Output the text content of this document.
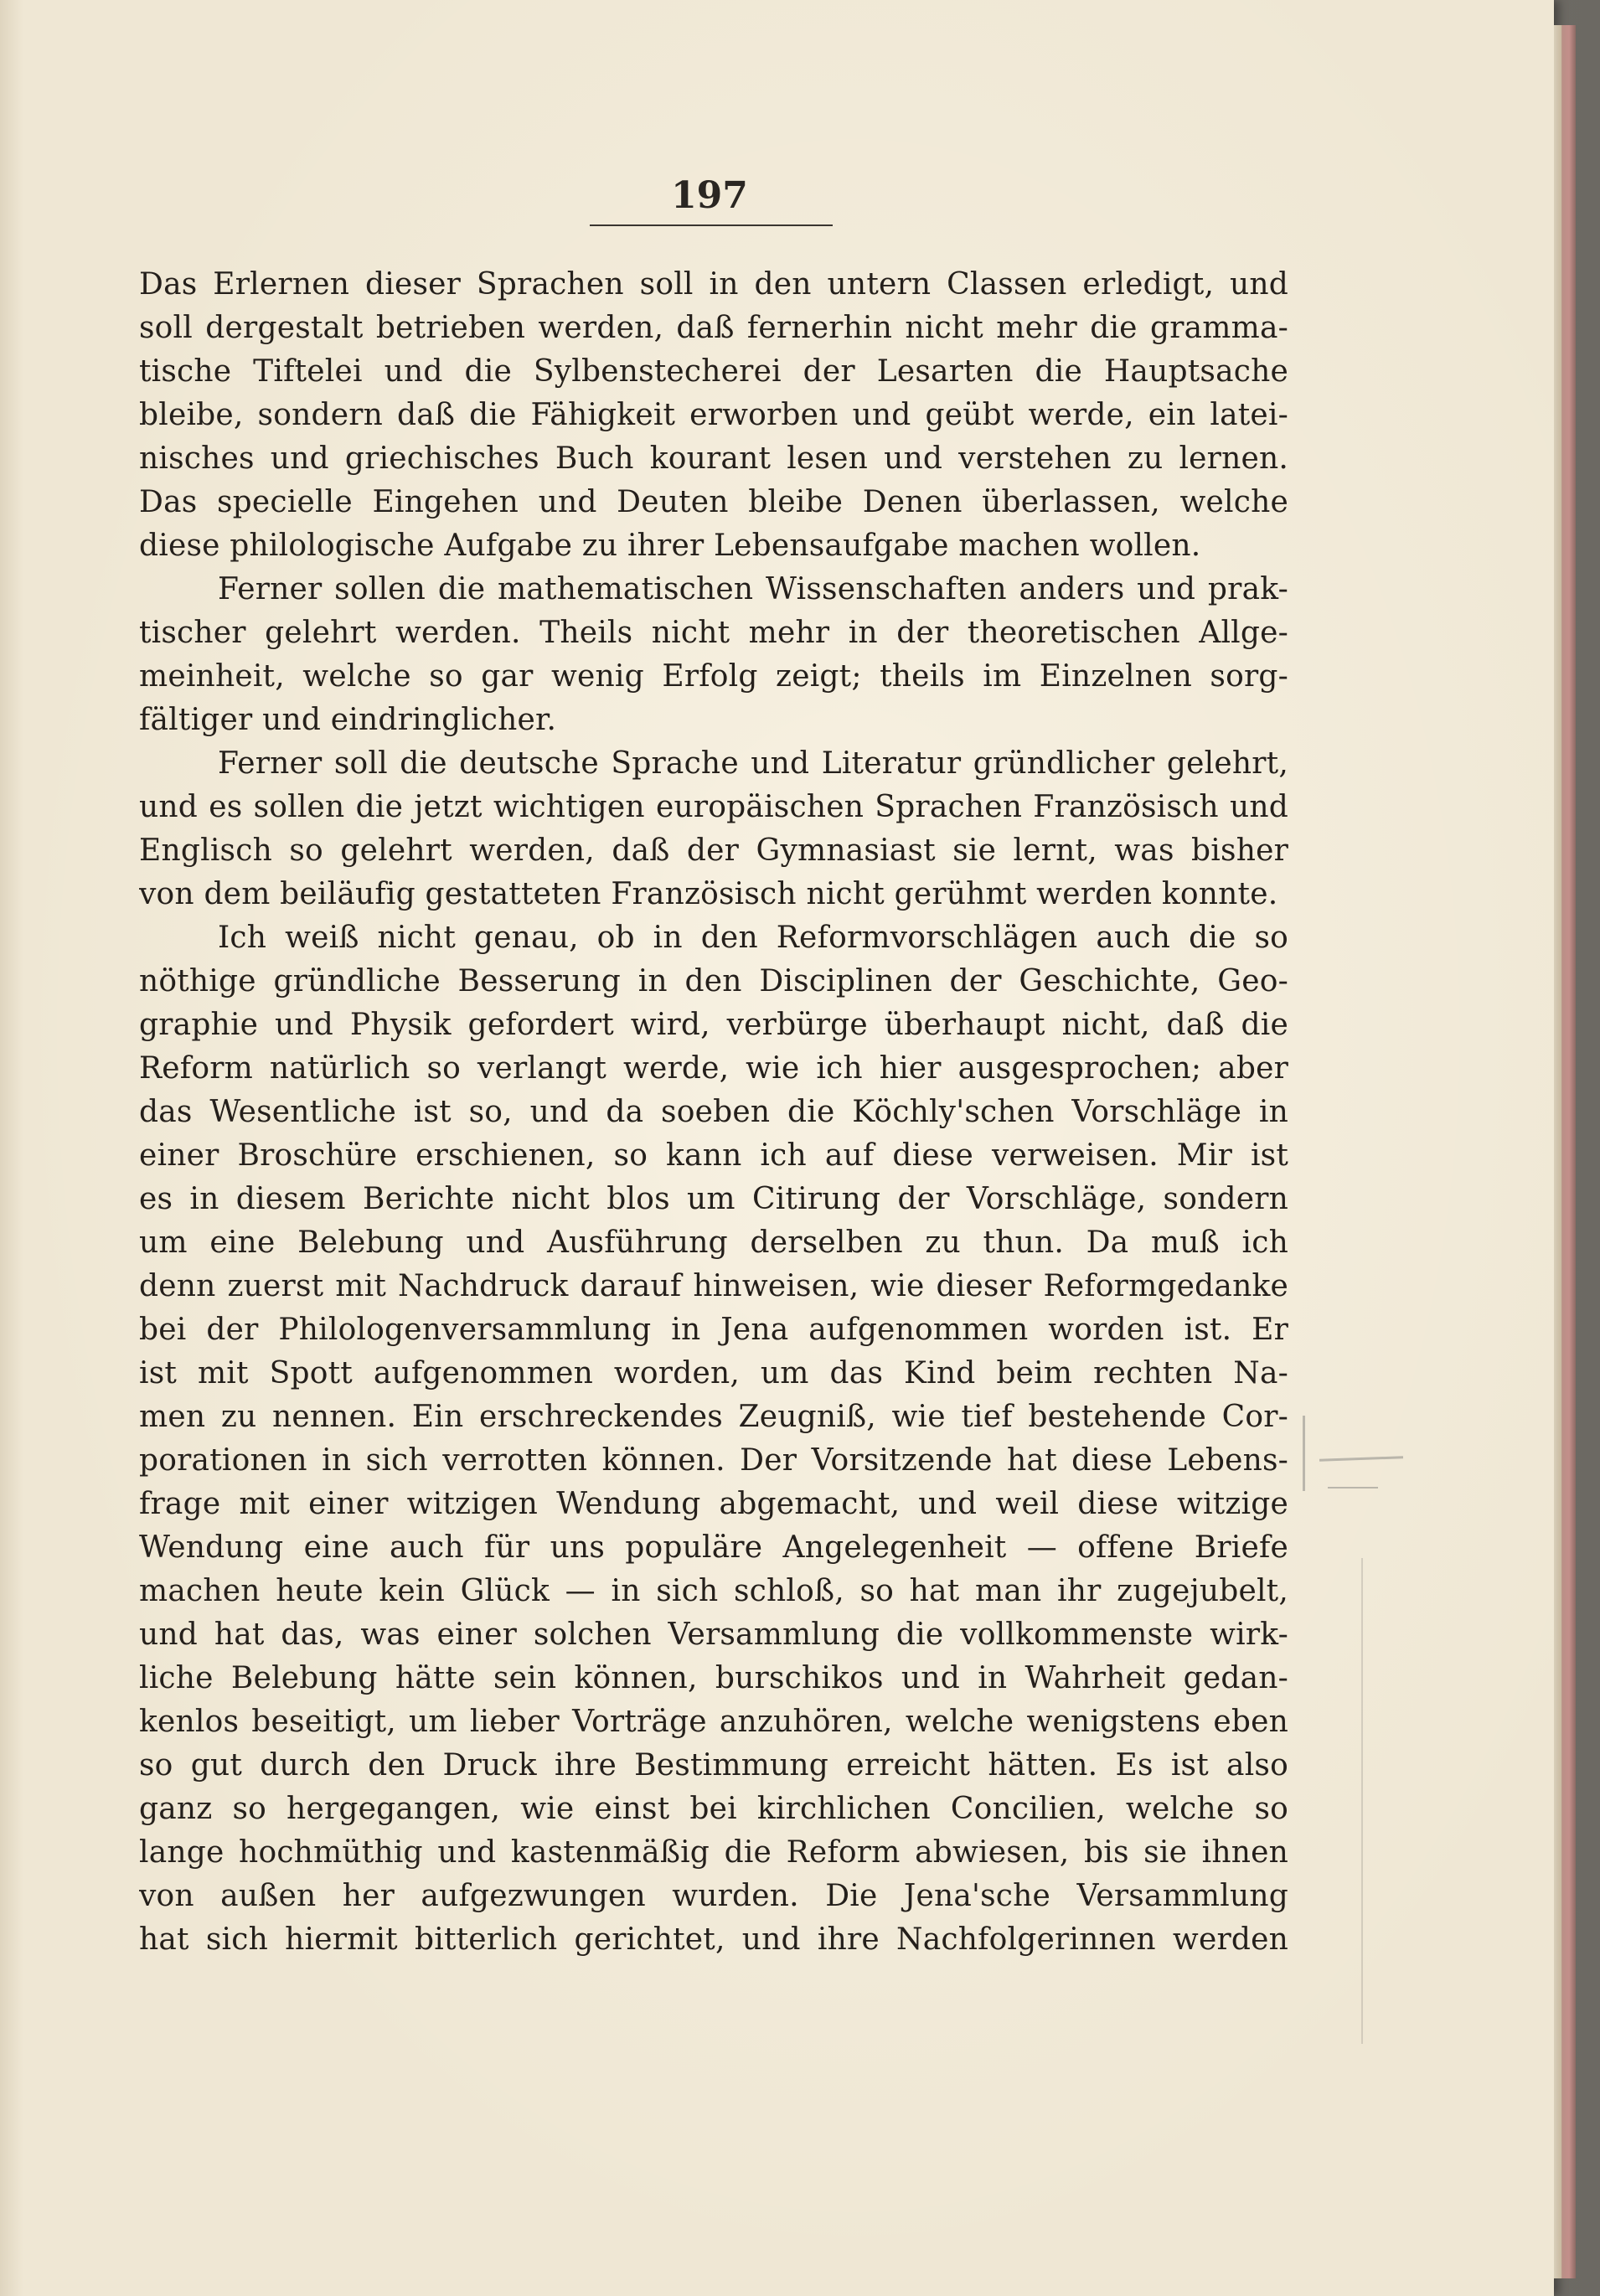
197
Das Erlernen dieser Sprachen soll in den untern Classen erledigt, und
soll dergestalt betrieben werden, daß fernerhin nicht mehr die gramma-
tische Tiftelei und die Sylbenstecherei der Lesarten die Hauptsache
bleibe, sondern daß die Fähigkeit erworben und geübt werde, ein latei-
nisches und griechisches Buch kourant lesen und verstehen zu lernen.
Das specielle Eingehen und Deuten bleibe Denen überlassen, welche
diese philologische Aufgabe zu ihrer Lebensaufgabe machen wollen.
Ferner sollen die mathematischen Wissenschaften anders und prak-
tischer gelehrt werden. Theils nicht mehr in der theoretischen Allge-
meinheit, welche so gar wenig Erfolg zeigt; theils im Einzelnen sorg-
fältiger und eindringlicher.
Ferner soll die deutsche Sprache und Literatur gründlicher gelehrt,
und es sollen die jetzt wichtigen europäischen Sprachen Französisch und
Englisch so gelehrt werden, daß der Gymnasiast sie lernt, was bisher
von dem beiläufig gestatteten Französisch nicht gerühmt werden konnte.
Ich weiß nicht genau, ob in den Reformvorschlägen auch die so
nöthige gründliche Besserung in den Disciplinen der Geschichte, Geo-
graphie und Physik gefordert wird, verbürge überhaupt nicht, daß die
Reform natürlich so verlangt werde, wie ich hier ausgesprochen; aber
das Wesentliche ist so, und da soeben die Köchly'schen Vorschläge in
einer Broschüre erschienen, so kann ich auf diese verweisen. Mir ist
es in diesem Berichte nicht blos um Citirung der Vorschläge, sondern
um eine Belebung und Ausführung derselben zu thun. Da muß ich
denn zuerst mit Nachdruck darauf hinweisen, wie dieser Reformgedanke
bei der Philologenversammlung in Jena aufgenommen worden ist. Er
ist mit Spott aufgenommen worden, um das Kind beim rechten Na-
men zu nennen. Ein erschreckendes Zeugniß, wie tief bestehende Cor-
porationen in sich verrotten können. Der Vorsitzende hat diese Lebens-
frage mit einer witzigen Wendung abgemacht, und weil diese witzige
Wendung eine auch für uns populäre Angelegenheit — offene Briefe
machen heute kein Glück — in sich schloß, so hat man ihr zugejubelt,
und hat das, was einer solchen Versammlung die vollkommenste wirk-
liche Belebung hätte sein können, burschikos und in Wahrheit gedan-
kenlos beseitigt, um lieber Vorträge anzuhören, welche wenigstens eben
so gut durch den Druck ihre Bestimmung erreicht hätten. Es ist also
ganz so hergegangen, wie einst bei kirchlichen Concilien, welche so
lange hochmüthig und kastenmäßig die Reform abwiesen, bis sie ihnen
von außen her aufgezwungen wurden. Die Jena'sche Versammlung
hat sich hiermit bitterlich gerichtet, und ihre Nachfolgerinnen werden
